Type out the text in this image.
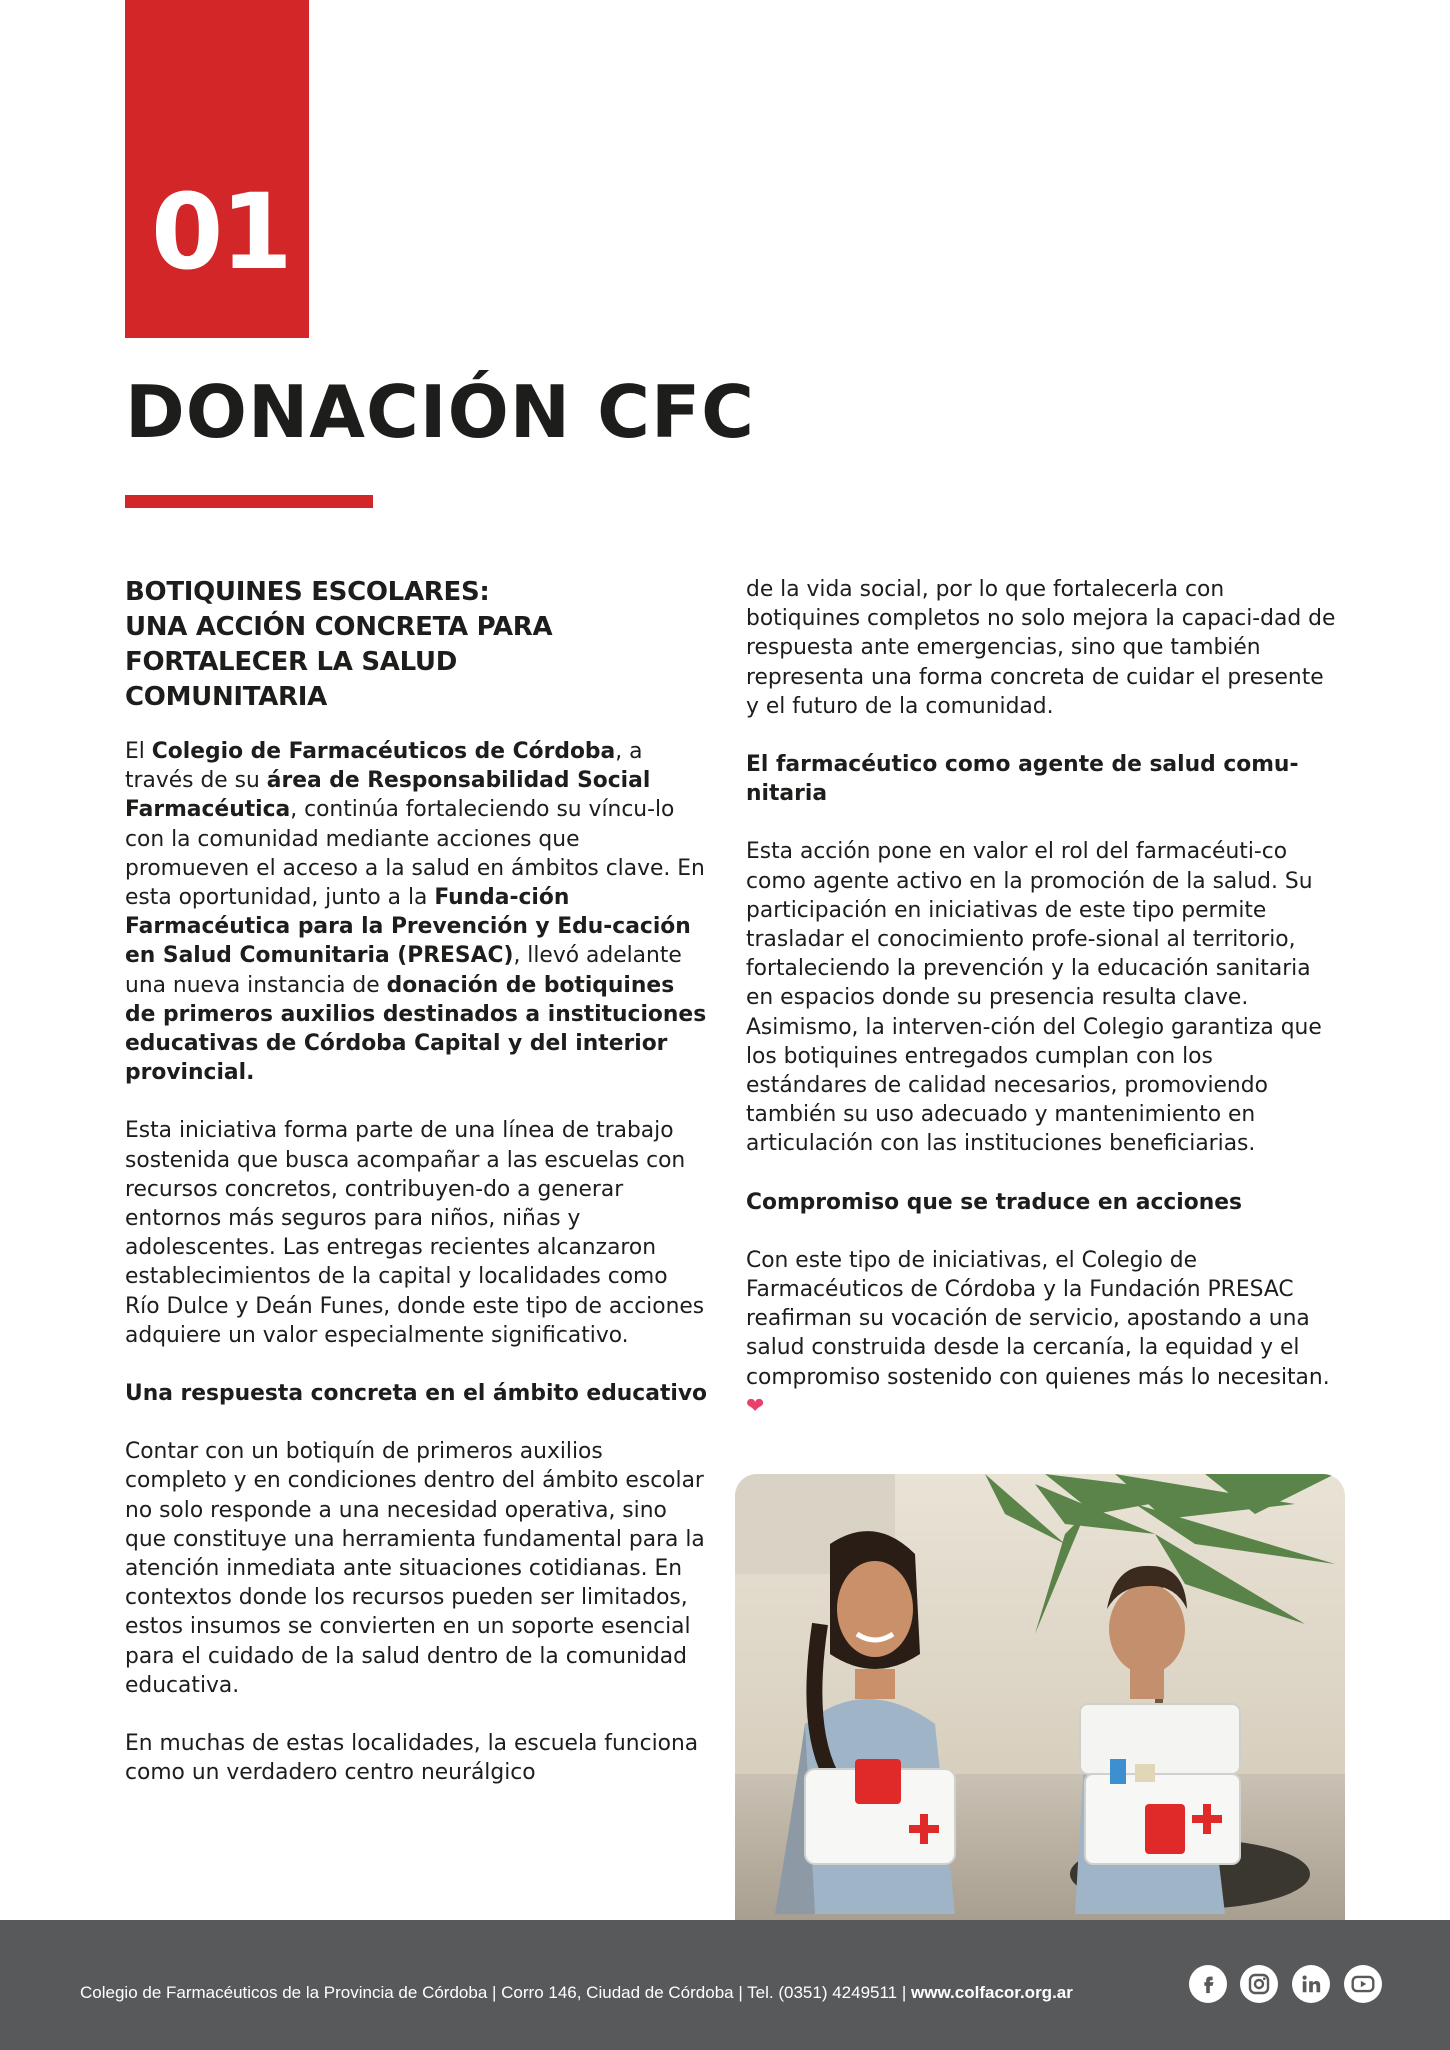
01
DONACIÓN CFC
BOTIQUINES ESCOLARES:
UNA ACCIÓN CONCRETA PARA
FORTALECER LA SALUD
COMUNITARIA

El Colegio de Farmacéuticos de Córdoba, a través de su área de Responsabilidad Social Farmacéutica, continúa fortaleciendo su víncu-lo con la comunidad mediante acciones que promueven el acceso a la salud en ámbitos clave. En esta oportunidad, junto a la Funda-ción Farmacéutica para la Prevención y Edu-cación en Salud Comunitaria (PRESAC), llevó adelante una nueva instancia de donación de botiquines de primeros auxilios destinados a instituciones educativas de Córdoba Capital y del interior provincial.

Esta iniciativa forma parte de una línea de trabajo sostenida que busca acompañar a las escuelas con recursos concretos, contribuyen-do a generar entornos más seguros para niños, niñas y adolescentes. Las entregas recientes alcanzaron establecimientos de la capital y localidades como Río Dulce y Deán Funes, donde este tipo de acciones adquiere un valor especialmente significativo.

Una respuesta concreta en el ámbito educativo

Contar con un botiquín de primeros auxilios completo y en condiciones dentro del ámbito escolar no solo responde a una necesidad operativa, sino que constituye una herramienta fundamental para la atención inmediata ante situaciones cotidianas. En contextos donde los recursos pueden ser limitados, estos insumos se convierten en un soporte esencial para el cuidado de la salud dentro de la comunidad educativa.

En muchas de estas localidades, la escuela funciona como un verdadero centro neurálgico

de la vida social, por lo que fortalecerla con botiquines completos no solo mejora la capaci-dad de respuesta ante emergencias, sino que también representa una forma concreta de cuidar el presente y el futuro de la comunidad.

El farmacéutico como agente de salud comu-nitaria

Esta acción pone en valor el rol del farmacéuti-co como agente activo en la promoción de la salud. Su participación en iniciativas de este tipo permite trasladar el conocimiento profe-sional al territorio, fortaleciendo la prevención y la educación sanitaria en espacios donde su presencia resulta clave. Asimismo, la interven-ción del Colegio garantiza que los botiquines entregados cumplan con los estándares de calidad necesarios, promoviendo también su uso adecuado y mantenimiento en articulación con las instituciones beneficiarias.

Compromiso que se traduce en acciones

Con este tipo de iniciativas, el Colegio de Farmacéuticos de Córdoba y la Fundación PRESAC reafirman su vocación de servicio, apostando a una salud construida desde la cercanía, la equidad y el compromiso sostenido con quienes más lo necesitan. ❤

Colegio de Farmacéuticos de la Provincia de Córdoba | Corro 146, Ciudad de Córdoba | Tel. (0351) 4249511 | www.colfacor.org.ar
